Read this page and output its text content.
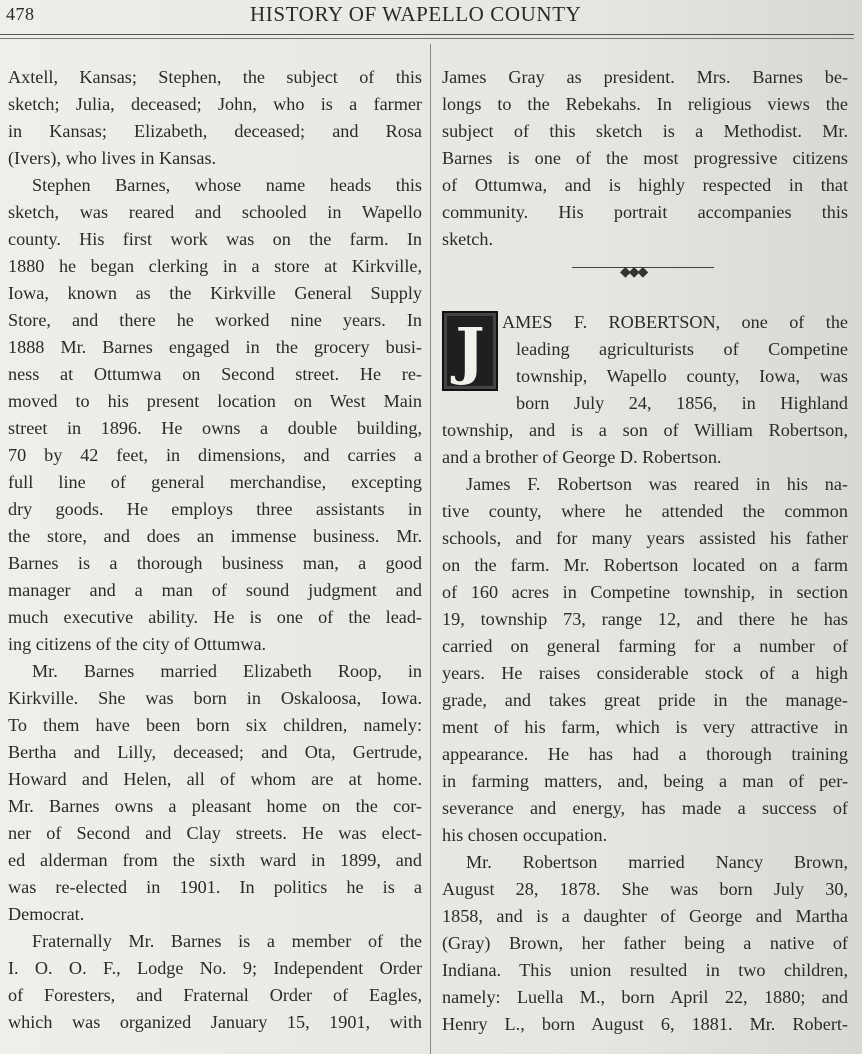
478	HISTORY OF WAPELLO COUNTY
Axtell, Kansas; Stephen, the subject of this
sketch; Julia, deceased; John, who is a farmer
in Kansas; Elizabeth, deceased; and Rosa
(Ivers), who lives in Kansas.
Stephen Barnes, whose name heads this
sketch, was reared and schooled in Wapello
county. His first work was on the farm. In
1880 he began clerking in a store at Kirkville,
Iowa, known as the Kirkville General Supply
Store, and there he worked nine years. In
1888 Mr. Barnes engaged in the grocery busi-
ness at Ottumwa on Second street. He re-
moved to his present location on West Main
street in 1896. He owns a double building,
70 by 42 feet, in dimensions, and carries a
full line of general merchandise, excepting
dry goods. He employs three assistants in
the store, and does an immense business. Mr.
Barnes is a thorough business man, a good
manager and a man of sound judgment and
much executive ability. He is one of the lead-
ing citizens of the city of Ottumwa.
Mr. Barnes married Elizabeth Roop, in
Kirkville. She was born in Oskaloosa, Iowa.
To them have been born six children, namely:
Bertha and Lilly, deceased; and Ota, Gertrude,
Howard and Helen, all of whom are at home.
Mr. Barnes owns a pleasant home on the cor-
ner of Second and Clay streets. He was elect-
ed alderman from the sixth ward in 1899, and
was re-elected in 1901. In politics he is a
Democrat.
Fraternally Mr. Barnes is a member of the
I. O. O. F., Lodge No. 9; Independent Order
of Foresters, and Fraternal Order of Eagles,
which was organized January 15, 1901, with
James Gray as president. Mrs. Barnes be-
longs to the Rebekahs. In religious views the
subject of this sketch is a Methodist. Mr.
Barnes is one of the most progressive citizens
of Ottumwa, and is highly respected in that
community. His portrait accompanies this
sketch.
◆◆◆
J AMES F. ROBERTSON, one of the
leading agriculturists of Competine
township, Wapello county, Iowa, was
born July 24, 1856, in Highland
township, and is a son of William Robertson,
and a brother of George D. Robertson.
James F. Robertson was reared in his na-
tive county, where he attended the common
schools, and for many years assisted his father
on the farm. Mr. Robertson located on a farm
of 160 acres in Competine township, in section
19, township 73, range 12, and there he has
carried on general farming for a number of
years. He raises considerable stock of a high
grade, and takes great pride in the manage-
ment of his farm, which is very attractive in
appearance. He has had a thorough training
in farming matters, and, being a man of per-
severance and energy, has made a success of
his chosen occupation.
Mr. Robertson married Nancy Brown,
August 28, 1878. She was born July 30,
1858, and is a daughter of George and Martha
(Gray) Brown, her father being a native of
Indiana. This union resulted in two children,
namely: Luella M., born April 22, 1880; and
Henry L., born August 6, 1881. Mr. Robert-
